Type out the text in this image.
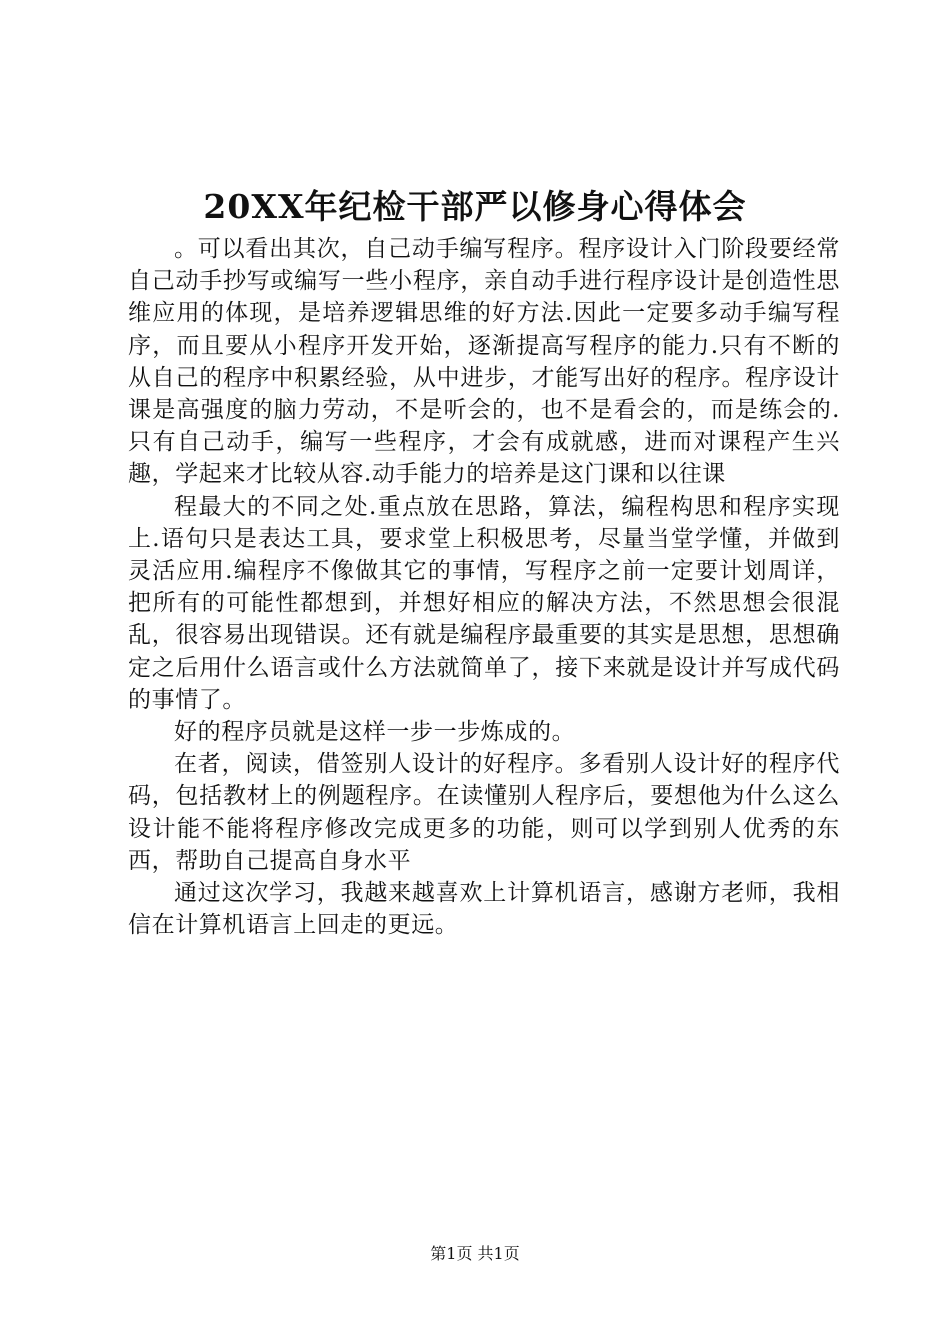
20XX年纪检干部严以修身心得体会

。可以看出其次，自己动手编写程序。程序设计入门阶段要经常自己动手抄写或编写一些小程序，亲自动手进行程序设计是创造性思维应用的体现，是培养逻辑思维的好方法.因此一定要多动手编写程序，而且要从小程序开发开始，逐渐提高写程序的能力.只有不断的从自己的程序中积累经验，从中进步，才能写出好的程序。程序设计课是高强度的脑力劳动，不是听会的，也不是看会的，而是练会的.只有自己动手，编写一些程序，才会有成就感，进而对课程产生兴趣，学起来才比较从容.动手能力的培养是这门课和以往课

程最大的不同之处.重点放在思路，算法，编程构思和程序实现上.语句只是表达工具，要求堂上积极思考，尽量当堂学懂，并做到灵活应用.编程序不像做其它的事情，写程序之前一定要计划周详，把所有的可能性都想到，并想好相应的解决方法，不然思想会很混乱，很容易出现错误。还有就是编程序最重要的其实是思想，思想确定之后用什么语言或什么方法就简单了，接下来就是设计并写成代码的事情了。

好的程序员就是这样一步一步炼成的。

在者，阅读，借签别人设计的好程序。多看别人设计好的程序代码，包括教材上的例题程序。在读懂别人程序后，要想他为什么这么设计能不能将程序修改完成更多的功能，则可以学到别人优秀的东西，帮助自己提高自身水平

通过这次学习，我越来越喜欢上计算机语言，感谢方老师，我相信在计算机语言上回走的更远。

第1页 共1页
